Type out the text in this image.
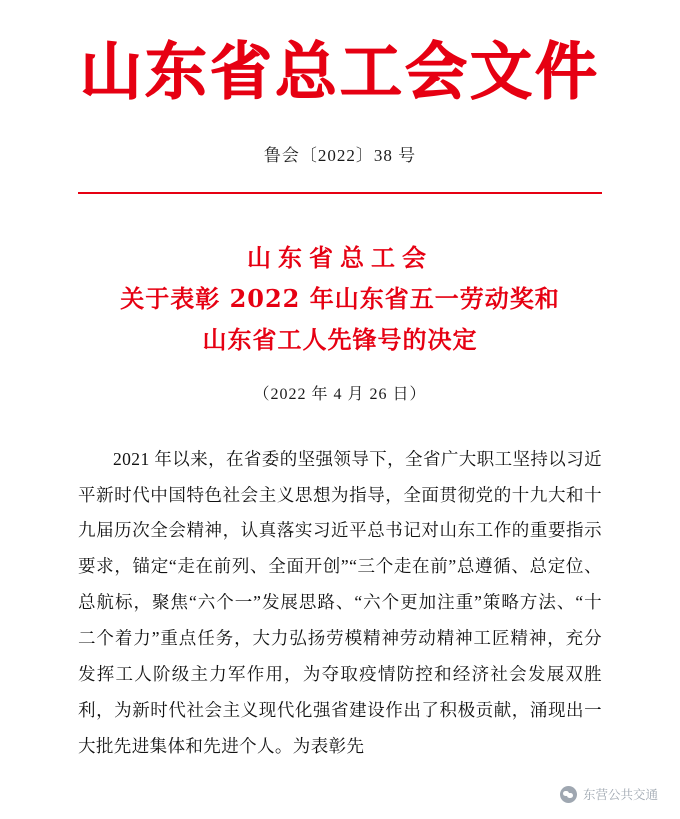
山东省总工会文件
鲁会〔2022〕38 号
山东省总工会
关于表彰 2022 年山东省五一劳动奖和
山东省工人先锋号的决定
（2022 年 4 月 26 日）

2021 年以来，在省委的坚强领导下，全省广大职工坚持以习近平新时代中国特色社会主义思想为指导，全面贯彻党的十九大和十九届历次全会精神，认真落实习近平总书记对山东工作的重要指示要求，锚定“走在前列、全面开创”“三个走在前”总遵循、总定位、总航标，聚焦“六个一”发展思路、“六个更加注重”策略方法、“十二个着力”重点任务，大力弘扬劳模精神劳动精神工匠精神，充分发挥工人阶级主力军作用，为夺取疫情防控和经济社会发展双胜利，为新时代社会主义现代化强省建设作出了积极贡献，涌现出一大批先进集体和先进个人。为表彰先

东营公共交通
